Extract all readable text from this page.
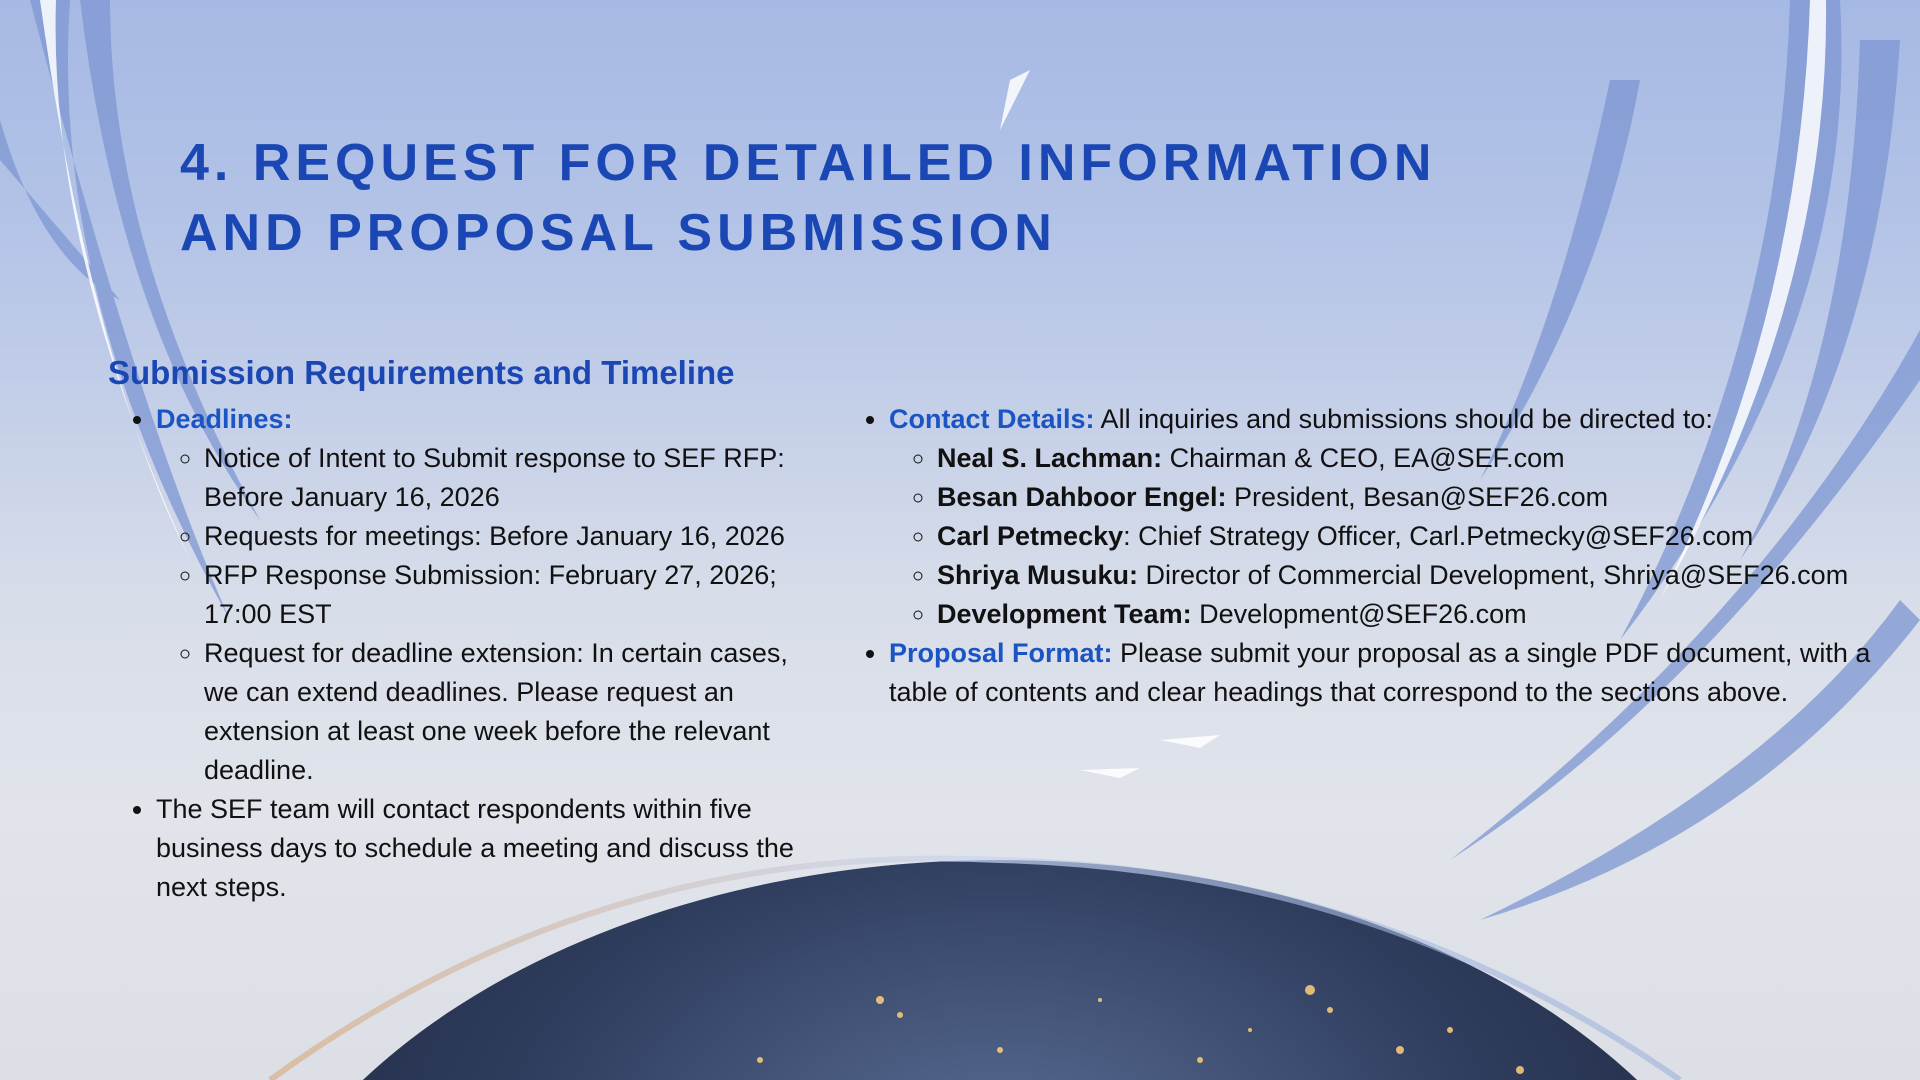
4. REQUEST FOR DETAILED INFORMATION
AND PROPOSAL SUBMISSION
Submission Requirements and Timeline
• Deadlines:
◦ Notice of Intent to Submit response to SEF RFP: Before January 16, 2026
◦ Requests for meetings: Before January 16, 2026
◦ RFP Response Submission: February 27, 2026; 17:00 EST
◦ Request for deadline extension: In certain cases, we can extend deadlines. Please request an extension at least one week before the relevant deadline.
• The SEF team will contact respondents within five business days to schedule a meeting and discuss the next steps.
• Contact Details: All inquiries and submissions should be directed to:
◦ Neal S. Lachman: Chairman & CEO, EA@SEF.com
◦ Besan Dahboor Engel: President, Besan@SEF26.com
◦ Carl Petmecky: Chief Strategy Officer, Carl.Petmecky@SEF26.com
◦ Shriya Musuku: Director of Commercial Development, Shriya@SEF26.com
◦ Development Team: Development@SEF26.com
• Proposal Format: Please submit your proposal as a single PDF document, with a table of contents and clear headings that correspond to the sections above.
